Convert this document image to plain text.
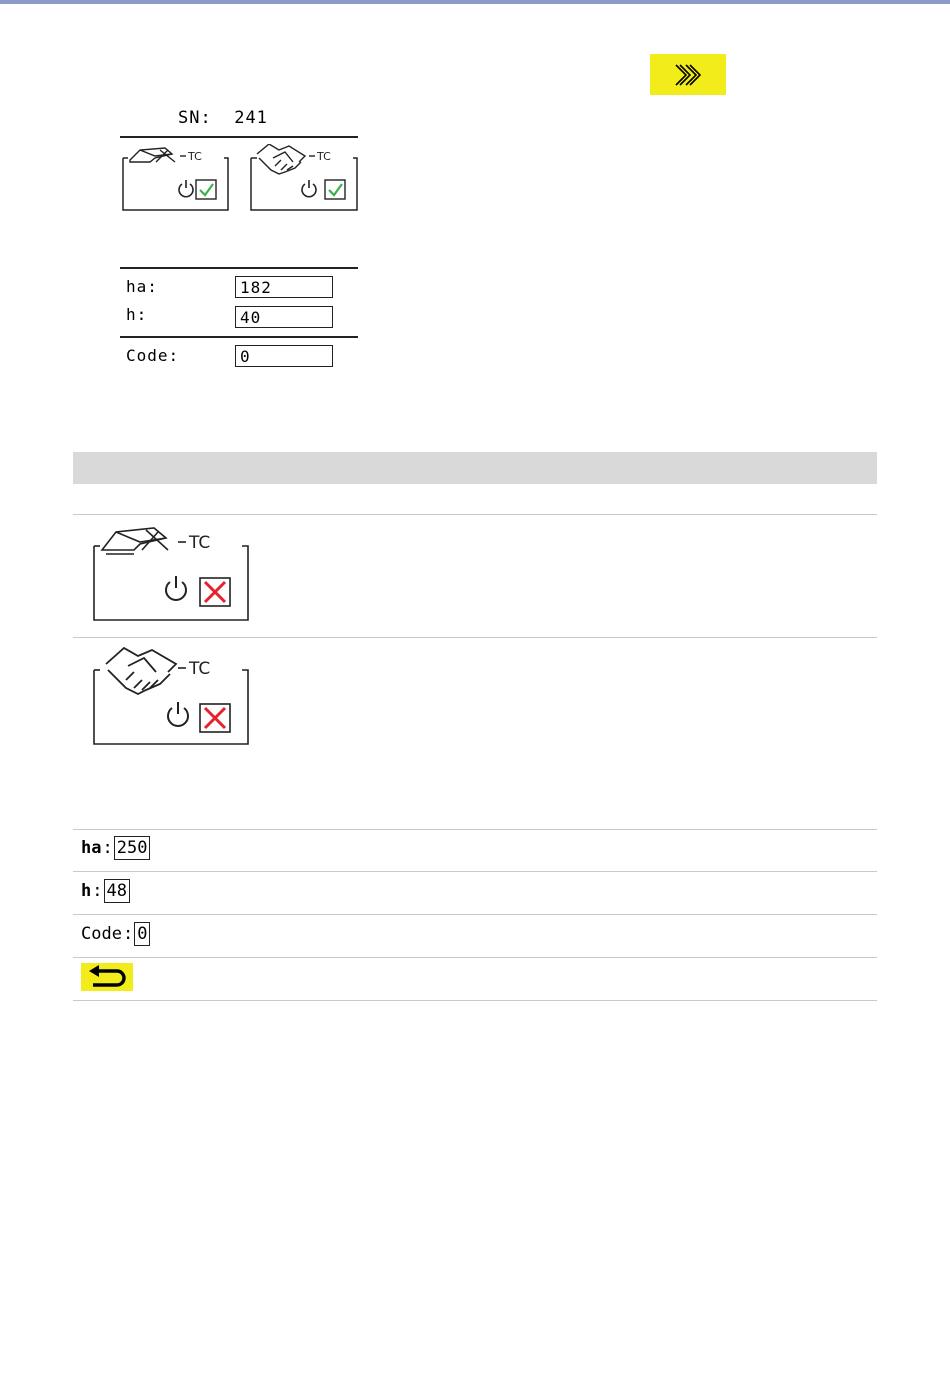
SN: 241
TC	TC
ha:	182
h:	40
Code:	0
TC
TC
ha : 250
h : 48
Code : 0
